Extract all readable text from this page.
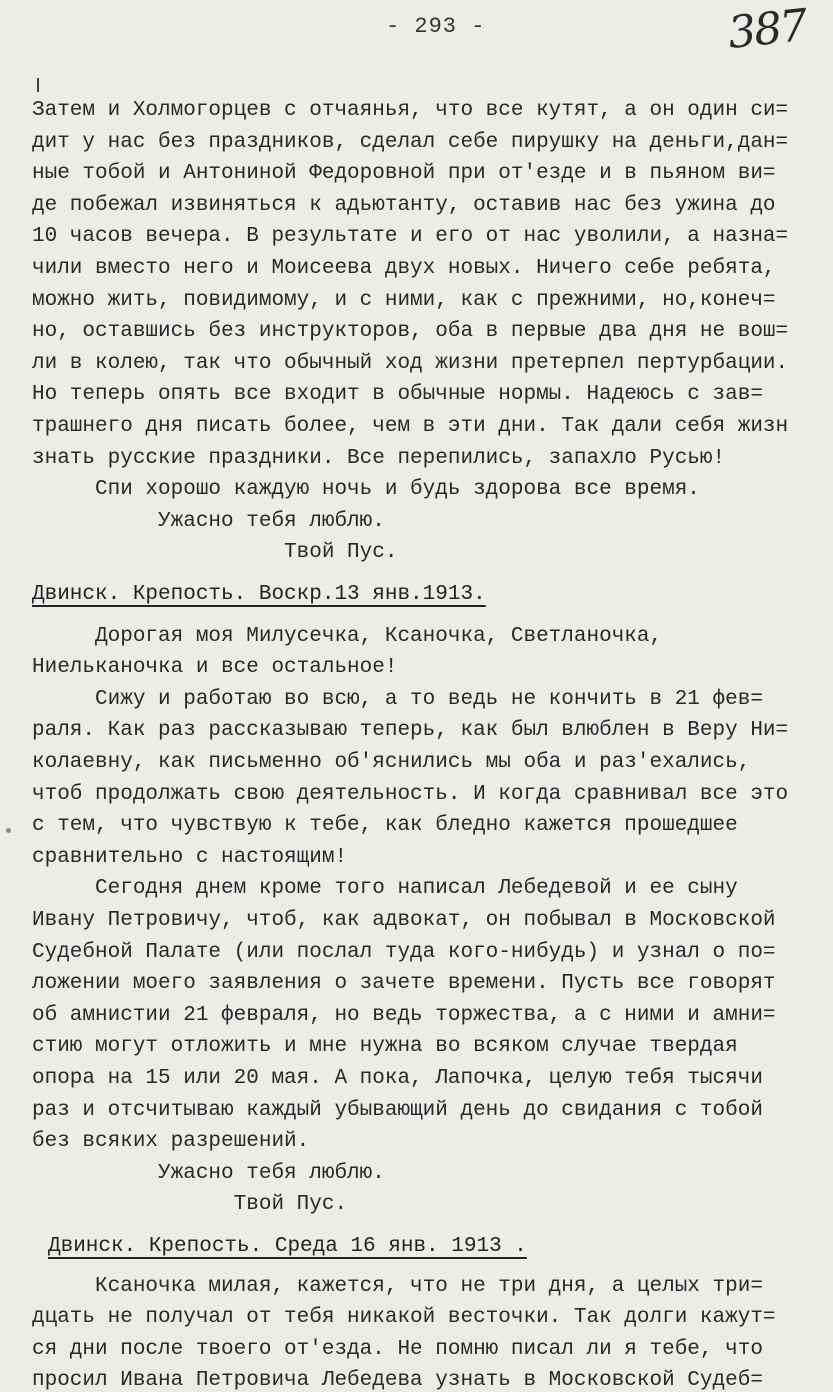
- 293 -	387
Затем и Холмогорцев с отчаянья, что все кутят, а он один си=
дит у нас без праздников, сделал себе пирушку на деньги,дан=
ные тобой и Антониной Федоровной при от'езде и в пьяном ви=
де побежал извиняться к адьютанту, оставив нас без ужина до
10 часов вечера. В результате и его от нас уволили, а назна=
чили вместо него и Моисеева двух новых. Ничего себе ребята,
можно жить, повидимому, и с ними, как с прежними, но,конеч=
но, оставшись без инструкторов, оба в первые два дня не вош=
ли в колею, так что обычный ход жизни претерпел пертурбации.
Но теперь опять все входит в обычные нормы. Надеюсь с зав=
трашнего дня писать более, чем в эти дни. Так дали себя жизн
знать русские праздники. Все перепились, запахло Русью!
Спи хорошо каждую ночь и будь здорова все время.
Ужасно тебя люблю.
Твой Пус.
Двинск. Крепость. Воскр.13 янв.1913.
Дорогая моя Милусечка, Ксаночка, Светланочка,
Ниельканочка и все остальное!
Сижу и работаю во всю, а то ведь не кончить в 21 фев=
раля. Как раз рассказываю теперь, как был влюблен в Веру Ни=
колаевну, как письменно об'яснились мы оба и раз'ехались,
чтоб продолжать свою деятельность. И когда сравнивал все это
с тем, что чувствую к тебе, как бледно кажется прошедшее
сравнительно с настоящим!
Сегодня днем кроме того написал Лебедевой и ее сыну
Ивану Петровичу, чтоб, как адвокат, он побывал в Московской
Судебной Палате (или послал туда кого-нибудь) и узнал о по=
ложении моего заявления о зачете времени. Пусть все говорят
об амнистии 21 февраля, но ведь торжества, а с ними и амни=
стию могут отложить и мне нужна во всяком случае твердая
опора на 15 или 20 мая. А пока, Лапочка, целую тебя тысячи
раз и отсчитываю каждый убывающий день до свидания с тобой
без всяких разрешений.
Ужасно тебя люблю.
Твой Пус.
Двинск. Крепость. Среда 16 янв. 1913 .
Ксаночка милая, кажется, что не три дня, а целых три=
дцать не получал от тебя никакой весточки. Так долги кажут=
ся дни после твоего от'езда. Не помню писал ли я тебе, что
просил Ивана Петровича Лебедева узнать в Московской Судеб=
